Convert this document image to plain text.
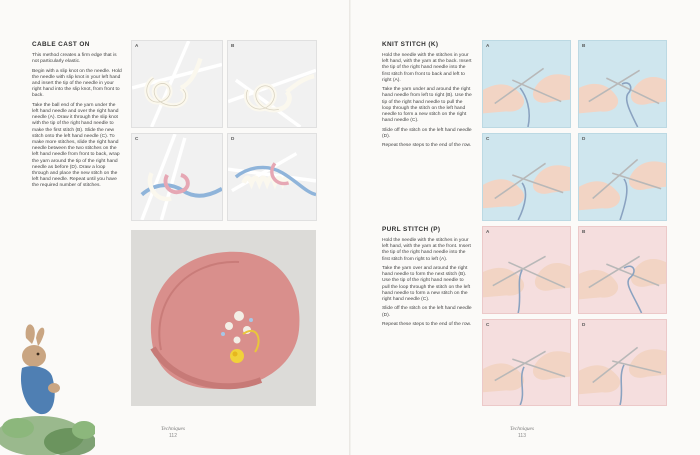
CABLE CAST ON

This method creates a firm edge that is not particularly elastic.

Begin with a slip knot on the needle. Hold the needle with slip knot in your left hand and insert the tip of the needle in your right hand into the slip knot, from front to back.

Take the ball end of the yarn under the left hand needle and over the right hand needle (A). Draw it through the slip knot with the tip of the right hand needle to make the first stitch (B). Slide the new stitch onto the left hand needle (C). To make more stitches, slide the right hand needle between the two stitches on the left hand needle from front to back, wrap the yarn around the tip of the right hand needle as before (D). Draw a loop through and place the new stitch on the left hand needle. Repeat until you have the required number of stitches.

A	B
C	D
Techniques
112
KNIT STITCH (K)

Hold the needle with the stitches in your left hand, with the yarn at the back. Insert the tip of the right hand needle into the first stitch from front to back and left to right (A).

Take the yarn under and around the right hand needle from left to right (B). Use the tip of the right hand needle to pull the loop through the stitch on the left hand needle to form a new stitch on the right hand needle (C).

Slide off the stitch on the left hand needle (D).

Repeat these steps to the end of the row.

PURL STITCH (P)

Hold the needle with the stitches in your left hand, with the yarn at the front. Insert the tip of the right hand needle into the first stitch from right to left (A).

Take the yarn over and around the right hand needle to form the next stitch (B). Use the tip of the right hand needle to pull the loop through the stitch on the left hand needle to form a new stitch on the right hand needle (C).

Slide off the stitch on the left hand needle (D).

Repeat these steps to the end of the row.

A	B
C	D
A	B
C	D
Techniques
113
